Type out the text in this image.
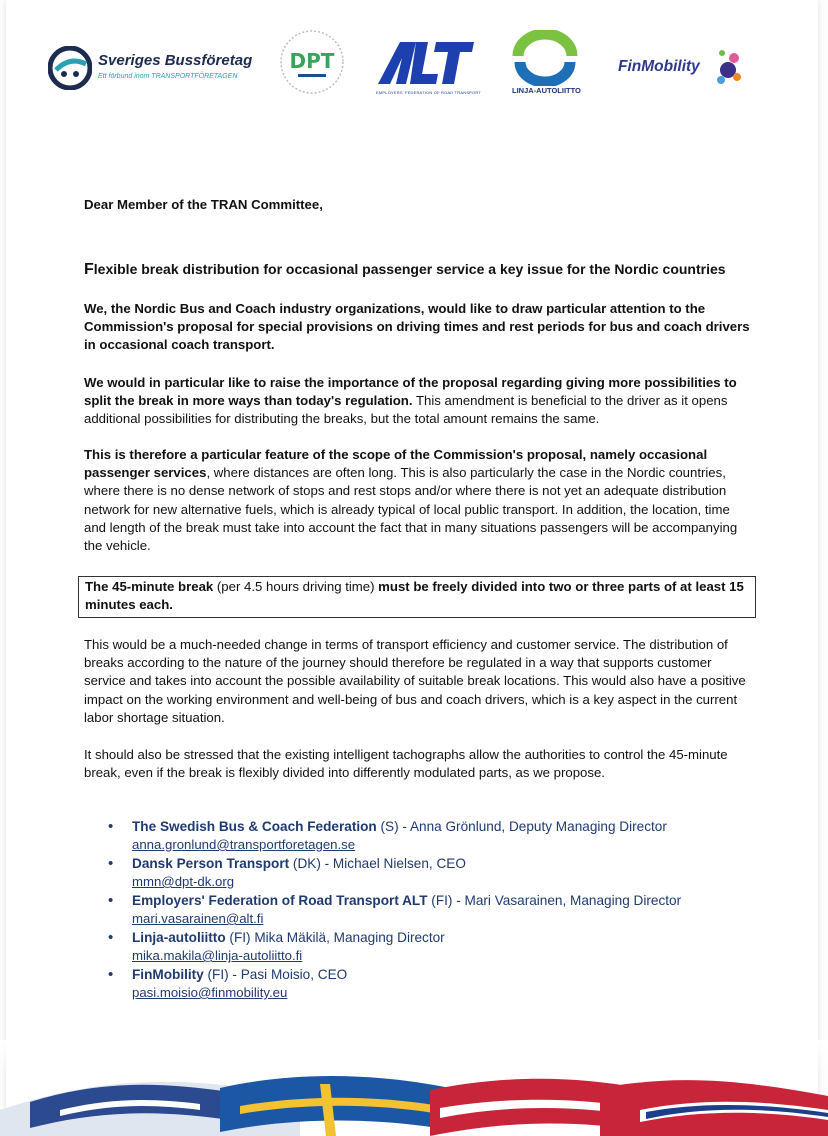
Sveriges Bussföretag
Ett förbund inom TRANSPORTFÖRETAGEN
DPT
EMPLOYERS' FEDERATION OF ROAD TRANSPORT	LINJA-AUTOLIITTO
FinMobility
Dear Member of the TRAN Committee,
Flexible break distribution for occasional passenger service a key issue for the Nordic countries
We, the Nordic Bus and Coach industry organizations, would like to draw particular attention to the Commission's proposal for special provisions on driving times and rest periods for bus and coach drivers in occasional coach transport.
We would in particular like to raise the importance of the proposal regarding giving more possibilities to split the break in more ways than today's regulation. This amendment is beneficial to the driver as it opens additional possibilities for distributing the breaks, but the total amount remains the same.
This is therefore a particular feature of the scope of the Commission's proposal, namely occasional passenger services, where distances are often long. This is also particularly the case in the Nordic countries, where there is no dense network of stops and rest stops and/or where there is not yet an adequate distribution network for new alternative fuels, which is already typical of local public transport. In addition, the location, time and length of the break must take into account the fact that in many situations passengers will be accompanying the vehicle.
The 45-minute break (per 4.5 hours driving time) must be freely divided into two or three parts of at least 15 minutes each.
This would be a much-needed change in terms of transport efficiency and customer service. The distribution of breaks according to the nature of the journey should therefore be regulated in a way that supports customer service and takes into account the possible availability of suitable break locations. This would also have a positive impact on the working environment and well-being of bus and coach drivers, which is a key aspect in the current labor shortage situation.
It should also be stressed that the existing intelligent tachographs allow the authorities to control the 45-minute break, even if the break is flexibly divided into differently modulated parts, as we propose.
• The Swedish Bus & Coach Federation (S) - Anna Grönlund, Deputy Managing Director
anna.gronlund@transportforetagen.se
• Dansk Person Transport (DK) - Michael Nielsen, CEO
mmn@dpt-dk.org
• Employers' Federation of Road Transport ALT (FI) - Mari Vasarainen, Managing Director
mari.vasarainen@alt.fi
• Linja-autoliitto (FI) Mika Mäkilä, Managing Director
mika.makila@linja-autoliitto.fi
• FinMobility (FI) - Pasi Moisio, CEO
pasi.moisio@finmobility.eu
